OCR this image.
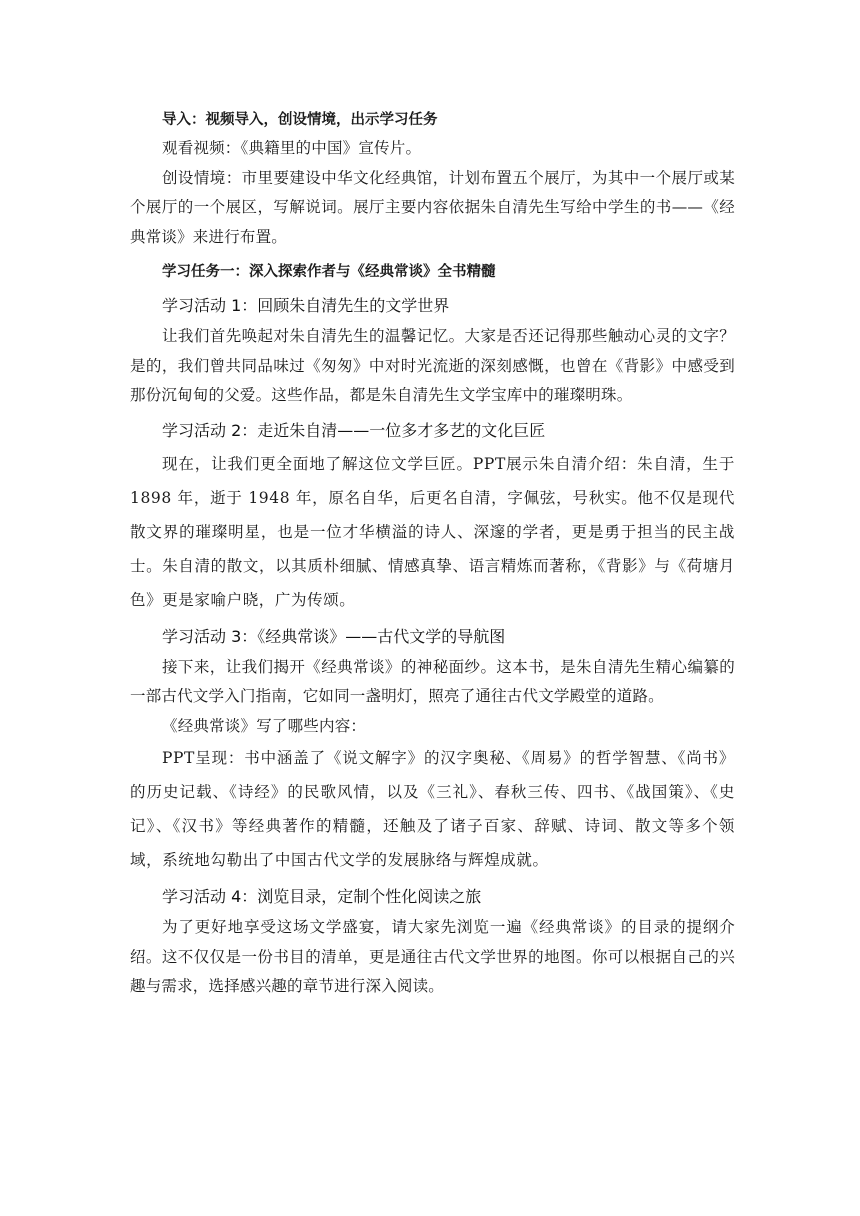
导入：视频导入，创设情境，出示学习任务

观看视频：《典籍里的中国》宣传片。

创设情境：市里要建设中华文化经典馆，计划布置五个展厅，为其中一个展厅或某个展厅的一个展区，写解说词。展厅主要内容依据朱自清先生写给中学生的书——《经典常谈》来进行布置。

学习任务一：深入探索作者与《经典常谈》全书精髓

学习活动 1：回顾朱自清先生的文学世界

让我们首先唤起对朱自清先生的温馨记忆。大家是否还记得那些触动心灵的文字？是的，我们曾共同品味过《匆匆》中对时光流逝的深刻感慨，也曾在《背影》中感受到那份沉甸甸的父爱。这些作品，都是朱自清先生文学宝库中的璀璨明珠。

学习活动 2：走近朱自清——一位多才多艺的文化巨匠

现在，让我们更全面地了解这位文学巨匠。PPT展示朱自清介绍：朱自清，生于 1898 年，逝于 1948 年，原名自华，后更名自清，字佩弦，号秋实。他不仅是现代散文界的璀璨明星，也是一位才华横溢的诗人、深邃的学者，更是勇于担当的民主战士。朱自清的散文，以其质朴细腻、情感真挚、语言精炼而著称，《背影》与《荷塘月色》更是家喻户晓，广为传颂。

学习活动 3：《经典常谈》——古代文学的导航图

接下来，让我们揭开《经典常谈》的神秘面纱。这本书，是朱自清先生精心编纂的一部古代文学入门指南，它如同一盏明灯，照亮了通往古代文学殿堂的道路。

《经典常谈》写了哪些内容：

PPT呈现：书中涵盖了《说文解字》的汉字奥秘、《周易》的哲学智慧、《尚书》的历史记载、《诗经》的民歌风情，以及《三礼》、春秋三传、四书、《战国策》、《史记》、《汉书》等经典著作的精髓，还触及了诸子百家、辞赋、诗词、散文等多个领域，系统地勾勒出了中国古代文学的发展脉络与辉煌成就。

学习活动 4：浏览目录，定制个性化阅读之旅

为了更好地享受这场文学盛宴，请大家先浏览一遍《经典常谈》的目录的提纲介绍。这不仅仅是一份书目的清单，更是通往古代文学世界的地图。你可以根据自己的兴趣与需求，选择感兴趣的章节进行深入阅读。
